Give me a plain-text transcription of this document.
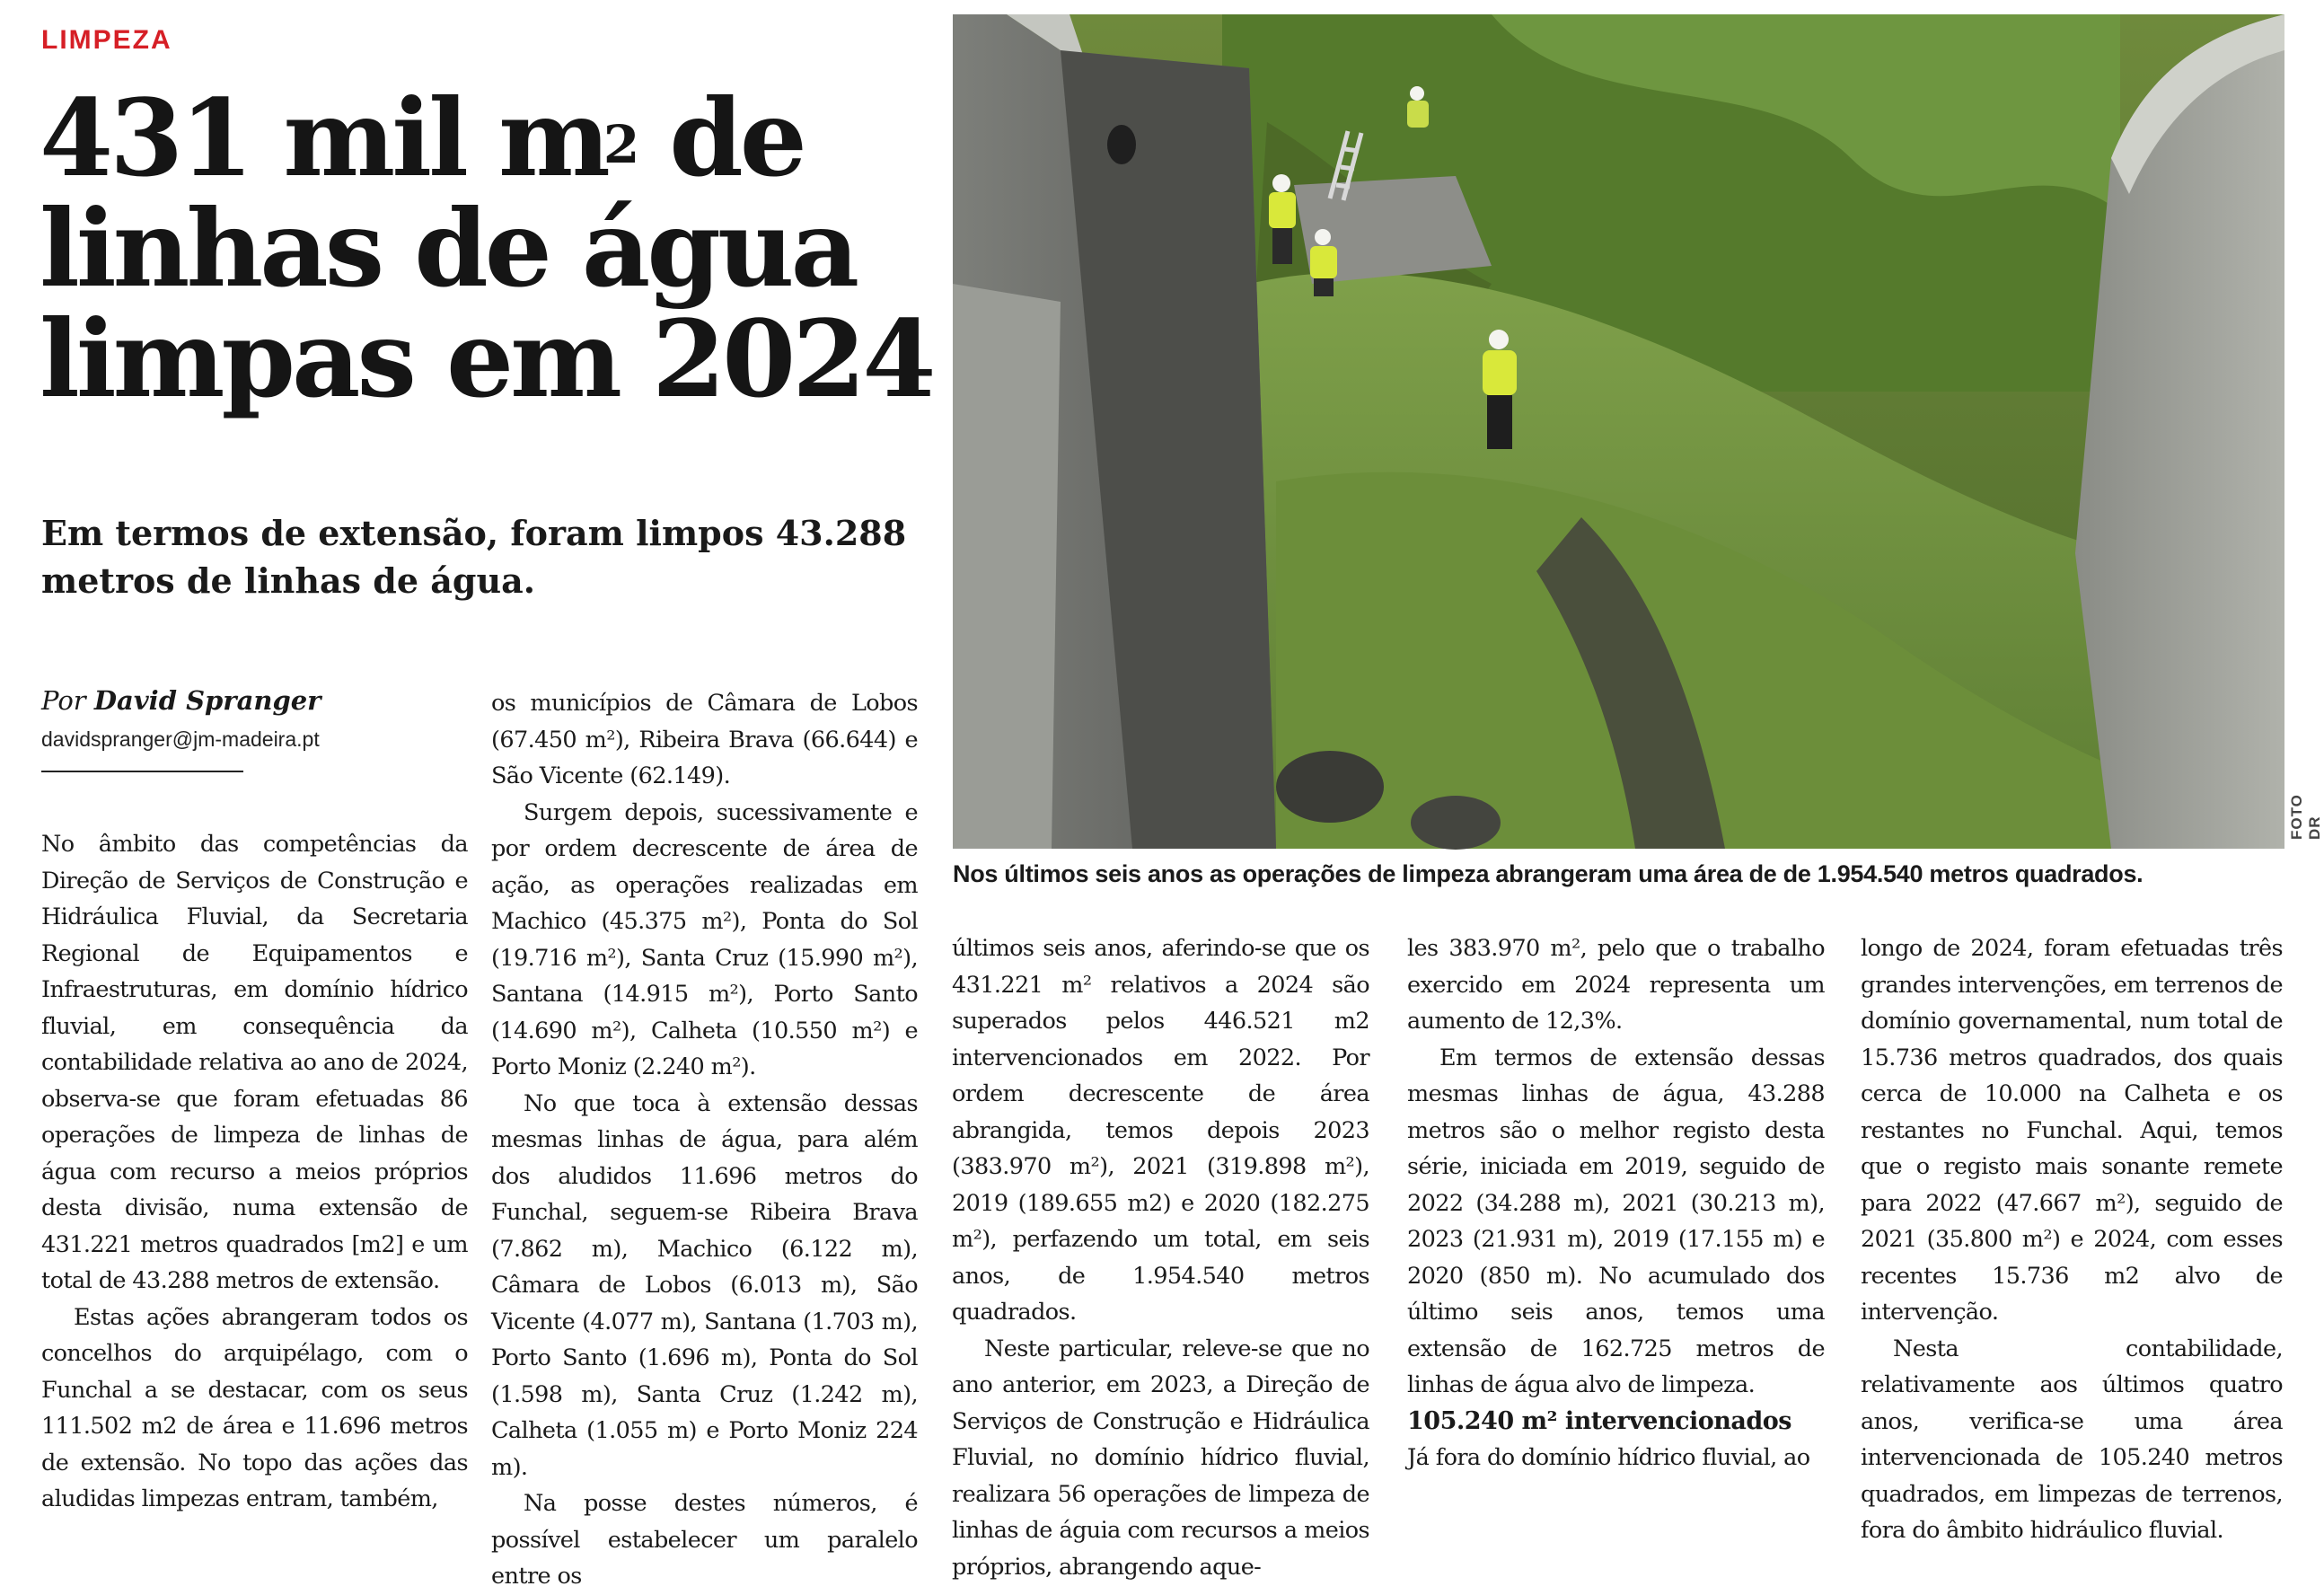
LIMPEZA
431 mil $m^2$ de
linhas de água
limpas em 2024
Em termos de extensão, foram limpos 43.288 metros de linhas de água.
Por David Spranger
davidspranger@jm-madeira.pt

No âmbito das competências da Direção de Serviços de Construção e Hidráulica Fluvial, da Secretaria Regional de Equipamentos e Infraestruturas, em domínio hídrico fluvial, em consequência da contabilidade relativa ao ano de 2024, observa-se que foram efetuadas 86 operações de limpeza de linhas de água com recurso a meios próprios desta divisão, numa extensão de 431.221 metros quadrados [m2] e um total de 43.288 metros de extensão.

Estas ações abrangeram todos os concelhos do arquipélago, com o Funchal a se destacar, com os seus 111.502 m2 de área e 11.696 metros de extensão. No topo das ações das aludidas limpezas entram, também,

os municípios de Câmara de Lobos (67.450 m²), Ribeira Brava (66.644) e São Vicente (62.149).

Surgem depois, sucessivamente e por ordem decrescente de área de ação, as operações realizadas em Machico (45.375 m²), Ponta do Sol (19.716 m²), Santa Cruz (15.990 m²), Santana (14.915 m²), Porto Santo (14.690 m²), Calheta (10.550 m²) e Porto Moniz (2.240 m²).

No que toca à extensão dessas mesmas linhas de água, para além dos aludidos 11.696 metros do Funchal, seguem-se Ribeira Brava (7.862 m), Machico (6.122 m), Câmara de Lobos (6.013 m), São Vicente (4.077 m), Santana (1.703 m), Porto Santo (1.696 m), Ponta do Sol (1.598 m), Santa Cruz (1.242 m), Calheta (1.055 m) e Porto Moniz 224 m).

Na posse destes números, é possível estabelecer um paralelo entre os

FOTO DR
Nos últimos seis anos as operações de limpeza abrangeram uma área de de 1.954.540 metros quadrados.

últimos seis anos, aferindo-se que os 431.221 m² relativos a 2024 são superados pelos 446.521 m2 intervencionados em 2022. Por ordem decrescente de área abrangida, temos depois 2023 (383.970 m²), 2021 (319.898 m²), 2019 (189.655 m2) e 2020 (182.275 m²), perfazendo um total, em seis anos, de 1.954.540 metros quadrados.

Neste particular, releve-se que no ano anterior, em 2023, a Direção de Serviços de Construção e Hidráulica Fluvial, no domínio hídrico fluvial, realizara 56 operações de limpeza de linhas de águia com recursos a meios próprios, abrangendo aque-

les 383.970 m², pelo que o trabalho exercido em 2024 representa um aumento de 12,3%.

Em termos de extensão dessas mesmas linhas de água, 43.288 metros são o melhor registo desta série, iniciada em 2019, seguido de 2022 (34.288 m), 2021 (30.213 m), 2023 (21.931 m), 2019 (17.155 m) e 2020 (850 m). No acumulado dos último seis anos, temos uma extensão de 162.725 metros de linhas de água alvo de limpeza.

105.240 m² intervencionados

Já fora do domínio hídrico fluvial, ao

longo de 2024, foram efetuadas três grandes intervenções, em terrenos de domínio governamental, num total de 15.736 metros quadrados, dos quais cerca de 10.000 na Calheta e os restantes no Funchal. Aqui, temos que o registo mais sonante remete para 2022 (47.667 m²), seguido de 2021 (35.800 m²) e 2024, com esses recentes 15.736 m2 alvo de intervenção.

Nesta contabilidade, relativamente aos últimos quatro anos, verifica-se uma área intervencionada de 105.240 metros quadrados, em limpezas de terrenos, fora do âmbito hidráulico fluvial.
